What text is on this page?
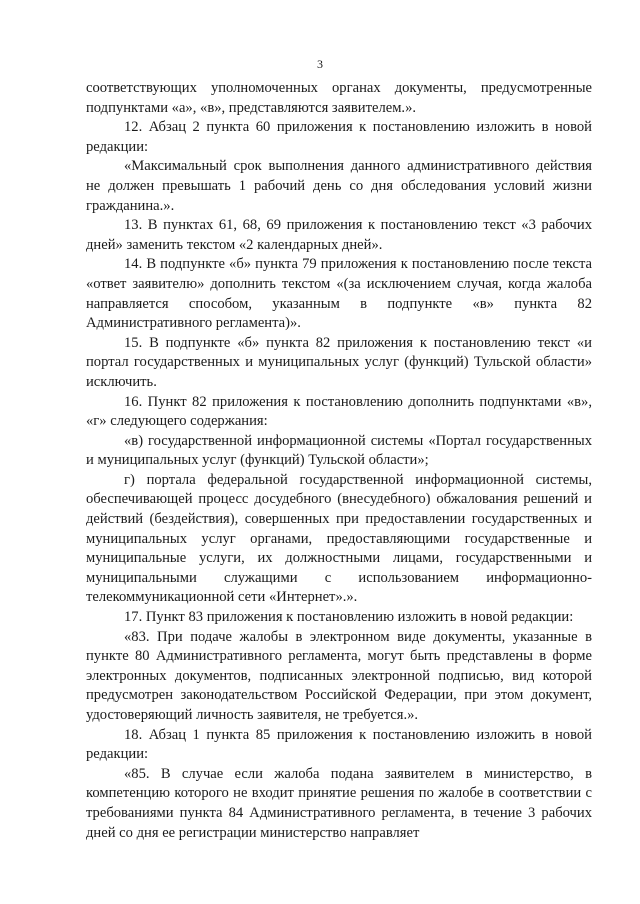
3

соответствующих уполномоченных органах документы, предусмотренные подпунктами «а», «в», представляются заявителем.».

12. Абзац 2 пункта 60 приложения к постановлению изложить в новой редакции:

«Максимальный срок выполнения данного административного действия не должен превышать 1 рабочий день со дня обследования условий жизни гражданина.».

13. В пунктах 61, 68, 69 приложения к постановлению текст «3 рабочих дней» заменить текстом «2 календарных дней».

14. В подпункте «б» пункта 79 приложения к постановлению после текста «ответ заявителю» дополнить текстом «(за исключением случая, когда жалоба направляется способом, указанным в подпункте «в» пункта 82 Административного регламента)».

15. В подпункте «б» пункта 82 приложения к постановлению текст «и портал государственных и муниципальных услуг (функций) Тульской области» исключить.

16. Пункт 82 приложения к постановлению дополнить подпунктами «в», «г» следующего содержания:

«в) государственной информационной системы «Портал государственных и муниципальных услуг (функций) Тульской области»;

г) портала федеральной государственной информационной системы, обеспечивающей процесс досудебного (внесудебного) обжалования решений и действий (бездействия), совершенных при предоставлении государственных и муниципальных услуг органами, предоставляющими государственные и муниципальные услуги, их должностными лицами, государственными и муниципальными служащими с использованием информационно-телекоммуникационной сети «Интернет».».

17. Пункт 83 приложения к постановлению изложить в новой редакции:

«83. При подаче жалобы в электронном виде документы, указанные в пункте 80 Административного регламента, могут быть представлены в форме электронных документов, подписанных электронной подписью, вид которой предусмотрен законодательством Российской Федерации, при этом документ, удостоверяющий личность заявителя, не требуется.».

18. Абзац 1 пункта 85 приложения к постановлению изложить в новой редакции:

«85. В случае если жалоба подана заявителем в министерство, в компетенцию которого не входит принятие решения по жалобе в соответствии с требованиями пункта 84 Административного регламента, в течение 3 рабочих дней со дня ее регистрации министерство направляет
